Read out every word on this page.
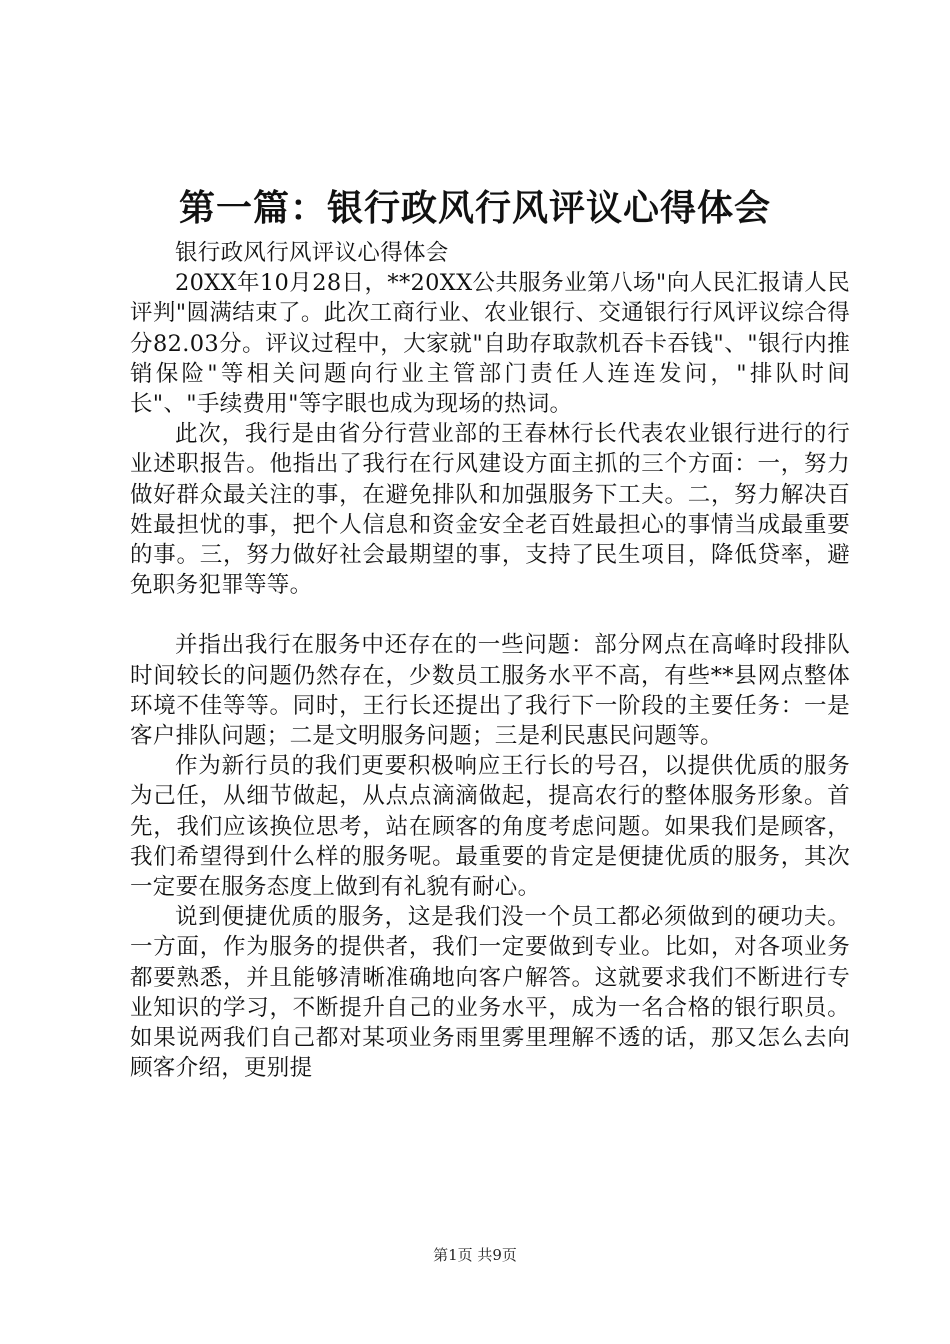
第一篇：银行政风行风评议心得体会

银行政风行风评议心得体会

20XX年10月28日，**20XX公共服务业第八场"向人民汇报请人民评判"圆满结束了。此次工商行业、农业银行、交通银行行风评议综合得分82.03分。评议过程中，大家就"自助存取款机吞卡吞钱"、"银行内推销保险"等相关问题向行业主管部门责任人连连发问，"排队时间长"、"手续费用"等字眼也成为现场的热词。

此次，我行是由省分行营业部的王春林行长代表农业银行进行的行业述职报告。他指出了我行在行风建设方面主抓的三个方面：一，努力做好群众最关注的事，在避免排队和加强服务下工夫。二，努力解决百姓最担忧的事，把个人信息和资金安全老百姓最担心的事情当成最重要的事。三，努力做好社会最期望的事，支持了民生项目，降低贷率，避免职务犯罪等等。

并指出我行在服务中还存在的一些问题：部分网点在高峰时段排队时间较长的问题仍然存在，少数员工服务水平不高，有些**县网点整体环境不佳等等。同时，王行长还提出了我行下一阶段的主要任务：一是客户排队问题；二是文明服务问题；三是利民惠民问题等。

作为新行员的我们更要积极响应王行长的号召，以提供优质的服务为己任，从细节做起，从点点滴滴做起，提高农行的整体服务形象。首先，我们应该换位思考，站在顾客的角度考虑问题。如果我们是顾客，我们希望得到什么样的服务呢。最重要的肯定是便捷优质的服务，其次一定要在服务态度上做到有礼貌有耐心。

说到便捷优质的服务，这是我们没一个员工都必须做到的硬功夫。一方面，作为服务的提供者，我们一定要做到专业。比如，对各项业务都要熟悉，并且能够清晰准确地向客户解答。这就要求我们不断进行专业知识的学习，不断提升自己的业务水平，成为一名合格的银行职员。如果说两我们自己都对某项业务雨里雾里理解不透的话，那又怎么去向顾客介绍，更别提

第1页 共9页
